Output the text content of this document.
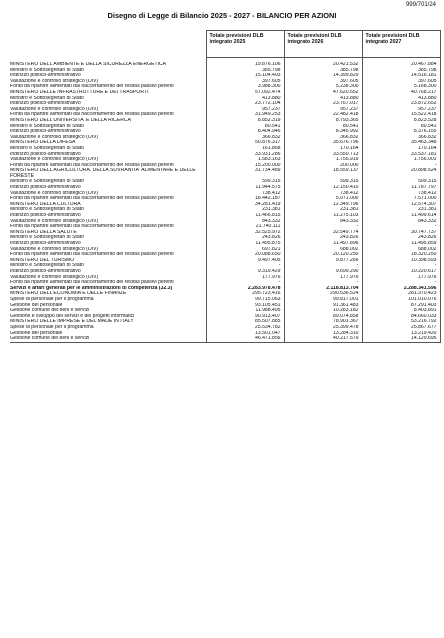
999/701/24
Disegno di Legge di Bilancio 2025 - 2027 - BILANCIO PER AZIONI
	Totale previsioni DLB integrato 2025	Totale previsioni DLB integrato 2026	Totale previsioni DLB integrato 2027

MINISTERO DELL'AMBIENTE E DELLA SICUREZZA ENERGETICA	19.876.106	20.421.532	20.467.884
Ministro e Sottosegretari di Stato	385.798	385.798	385.798
Indirizzo politico-amministrativo	15.104.403	14.399.829	14.516.181
Valutazione e controllo strategico (OIV)	397.605	397.605	397.605
Fondi da ripartire alimentati dal riaccertamento dei residui passivi perenti	3.988.300	5.238.300	5.168.300
MINISTERO DELLE INFRASTRUTTURE E DEI TRASPORTI	57.092.474	47.620.552	40.768.217
Ministro e Sottosegretari di Stato	413.880	413.880	413.880
Indirizzo politico-amministrativo	23.772.104	23.767.017	23.872.652
Valutazione e controllo strategico (OIV)	957.237	957.237	957.237
Fondi da ripartire alimentati dal riaccertamento dei residui passivi perenti	31.949.253	22.482.418	15.522.418
MINISTERO DELL'UNIVERSITA' E DELLA RICERCA	8.852.319	8.793.365	8.823.528
Ministro e Sottosegretari di Stato	80.541	80.541	80.541
Indirizzo politico-amministrativo	8.404.946	8.345.992	8.376.155
Valutazione e controllo strategico (OIV)	366.832	366.832	366.832
MINISTERO DELLA DIFESA	50.876.317	35.676.796	35.463.348
Ministro e Sottosegretari di Stato	161.868	170.164	170.164
Indirizzo politico-amministrativo	33.931.286	33.550.713	33.537.181
Valutazione e controllo strategico (OIV)	1.583.163	1.755.919	1.756.001
Fondi da ripartire alimentati dal riaccertamento dei residui passivi perenti	15.200.000	200.000	-
MINISTERO DELL'AGRICOLTURA, DELLA SOVRANITA' ALIMENTARE E DELLE FORESTE	31.734.489	18.559.137	20.898.524
Ministro e Sottosegretari di Stato	599.315	599.315	599.315
Indirizzo politico-amministrativo	11.944.575	12.150.410	11.787.797
Valutazione e controllo strategico (OIV)	738.412	738.412	738.412
Fondi da ripartire alimentati dal riaccertamento dei residui passivi perenti	18.442.187	5.071.000	7.571.000
MINISTERO DELLA CULTURA	34.281.419	12.349.796	12.574.307
Ministro e Sottosegretari di Stato	231.381	231.381	231.381
Indirizzo politico-amministrativo	11.466.815	11.275.103	11.499.614
Valutazione e controllo strategico (OIV)	843.332	843.332	843.332
Fondi da ripartire alimentati dal riaccertamento dei residui passivi perenti	21.740.111	-	-
MINISTERO DELLA SALUTE	32.525.972	32.549.774	30.747.737
Ministro e Sottosegretari di Stato	243.826	243.826	243.826
Indirizzo politico-amministrativo	11.495.875	11.497.896	11.495.859
Valutazione e controllo strategico (OIV)	697.821	688.002	688.002
Fondi da ripartire alimentati dal riaccertamento dei residui passivi perenti	20.088.650	20.120.250	18.320.250
MINISTERO DEL TURISMO	9.497.405	9.877.266	10.398.593
Ministro e Sottosegretari di Stato	-	-	-
Indirizzo politico-amministrativo	9.319.429	9.699.290	10.220.617
Valutazione e controllo strategico (OIV)	177.976	177.976	177.976
Fondi da ripartire alimentati dal riaccertamento dei residui passivi perenti	-	-	-
Servizi e affari generali per le amministrazioni di competenza (32.3)	2.283.978.478	2.118.813.704	2.288.341.596
MINISTERO DELL'ECONOMIA E DELLE FINANZE	295.723.416	290.536.524	281.370.423
Spese di personale per il programma	99.715.063	99.817.001	101.010.076
Gestione del personale	93.105.451	91.361.483	87.291.403
Gestione comune dei beni e servizi	11.988.495	10.283.182	8.403.891
Gestione e sviluppo dei servizi e dei progetti informatici	90.913.407	89.074.858	84.660.033
MINISTERO DELLE IMPRESE E DEL MADE IN ITALY	85.507.885	78.901.367	53.216.792
Spese di personale per il programma	25.534.782	25.399.478	25.867.677
Gestione del personale	13.501.047	13.284.310	13.219.420
Gestione comune dei beni e servizi	46.471.856	40.217.579	14.129.695
